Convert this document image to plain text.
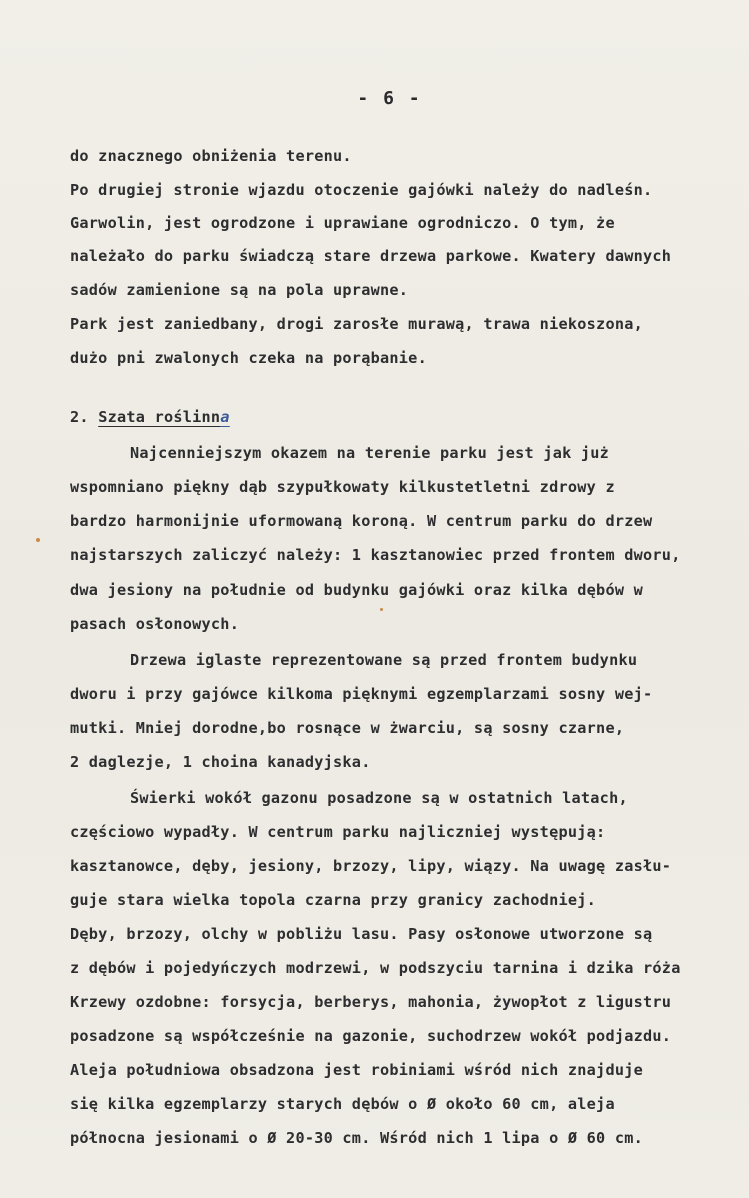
- 6 -
do znacznego obniżenia terenu.
Po drugiej stronie wjazdu otoczenie gajówki należy do nadleśn.
Garwolin, jest ogrodzone i uprawiane ogrodniczo. O tym, że
należało do parku świadczą stare drzewa parkowe. Kwatery dawnych
sadów zamienione są na pola uprawne.
Park jest zaniedbany, drogi zarosłe murawą, trawa niekoszona,
dużo pni zwalonych czeka na porąbanie.
2. Szata roślinna
Najcenniejszym okazem na terenie parku jest jak już
wspomniano piękny dąb szypułkowaty kilkustetletni zdrowy z
bardzo harmonijnie uformowaną koroną. W centrum parku do drzew
najstarszych zaliczyć należy: 1 kasztanowiec przed frontem dworu,
dwa jesiony na południe od budynku gajówki oraz kilka dębów w
pasach osłonowych.
Drzewa iglaste reprezentowane są przed frontem budynku
dworu i przy gajówce kilkoma pięknymi egzemplarzami sosny wej-
mutki. Mniej dorodne,bo rosnące w żwarciu, są sosny czarne,
2 daglezje, 1 choina kanadyjska.
Świerki wokół gazonu posadzone są w ostatnich latach,
częściowo wypadły. W centrum parku najliczniej występują:
kasztanowce, dęby, jesiony, brzozy, lipy, wiązy. Na uwagę zasłu-
guje stara wielka topola czarna przy granicy zachodniej.
Dęby, brzozy, olchy w pobliżu lasu. Pasy osłonowe utworzone są
z dębów i pojedyńczych modrzewi, w podszyciu tarnina i dzika róża
Krzewy ozdobne: forsycja, berberys, mahonia, żywopłot z ligustru
posadzone są współcześnie na gazonie, suchodrzew wokół podjazdu.
Aleja południowa obsadzona jest robiniami wśród nich znajduje
się kilka egzemplarzy starych dębów o Ø około 60 cm, aleja
północna jesionami o Ø 20-30 cm. Wśród nich 1 lipa o Ø 60 cm.
